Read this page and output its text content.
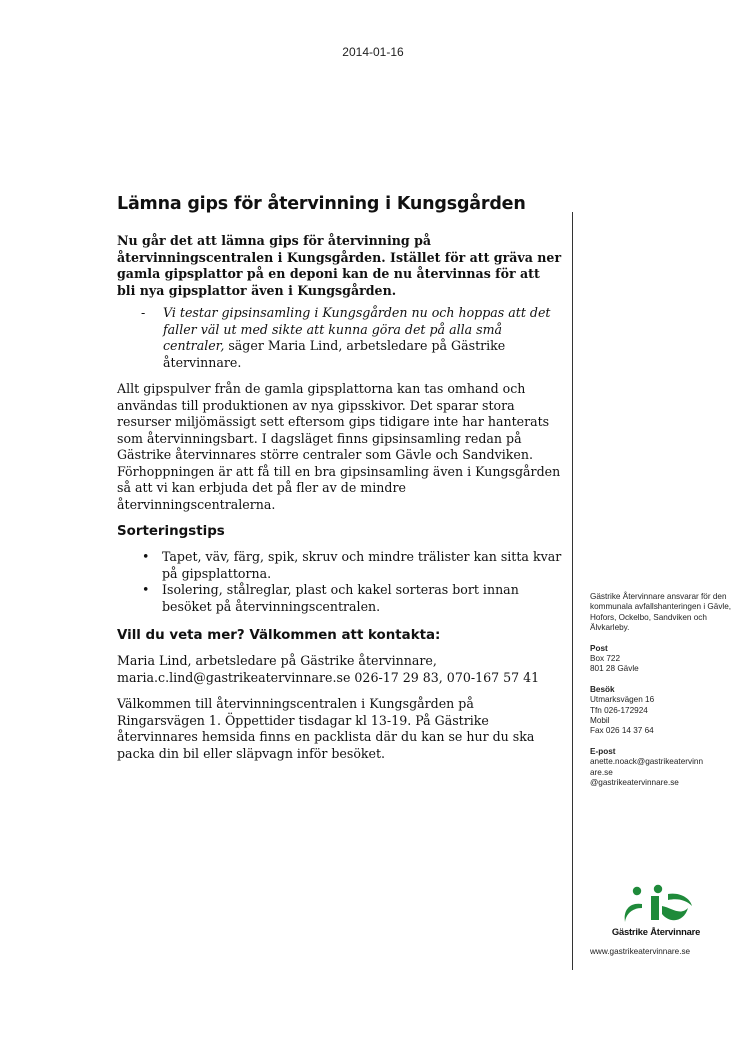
2014-01-16
Lämna gips för återvinning i Kungsgården

Nu går det att lämna gips för återvinning på återvinningscentralen i Kungsgården. Istället för att gräva ner gamla gipsplattor på en deponi kan de nu återvinnas för att bli nya gipsplattor även i Kungsgården.

- Vi testar gipsinsamling i Kungsgården nu och hoppas att det faller väl ut med sikte att kunna göra det på alla små centraler, säger Maria Lind, arbetsledare på Gästrike återvinnare.

Allt gipspulver från de gamla gipsplattorna kan tas omhand och användas till produktionen av nya gipsskivor. Det sparar stora resurser miljömässigt sett eftersom gips tidigare inte har hanterats som återvinningsbart. I dagsläget finns gipsinsamling redan på Gästrike återvinnares större centraler som Gävle och Sandviken. Förhoppningen är att få till en bra gipsinsamling även i Kungsgården så att vi kan erbjuda det på fler av de mindre återvinningscentralerna.

Sorteringstips
• Tapet, väv, färg, spik, skruv och mindre trälister kan sitta kvar på gipsplattorna.
• Isolering, stålreglar, plast och kakel sorteras bort innan besöket på återvinningscentralen.
Vill du veta mer? Välkommen att kontakta:

Maria Lind, arbetsledare på Gästrike återvinnare, maria.c.lind@gastrikeatervinnare.se 026-17 29 83, 070-167 57 41

Välkommen till återvinningscentralen i Kungsgården på Ringarsvägen 1. Öppettider tisdagar kl 13-19. På Gästrike återvinnares hemsida finns en packlista där du kan se hur du ska packa din bil eller släpvagn inför besöket.

Gästrike Återvinnare ansvarar för den kommunala avfallshanteringen i Gävle, Hofors, Ockelbo, Sandviken och Älvkarleby.
Post
Box 722
801 28 Gävle
Besök
Utmarksvägen 16
Tfn 026-172924
Mobil
Fax 026 14 37 64
E-post
anette.noack@gastrikeatervinn
are.se
@gastrikeatervinnare.se
Gästrike Återvinnare
www.gastrikeatervinnare.se
